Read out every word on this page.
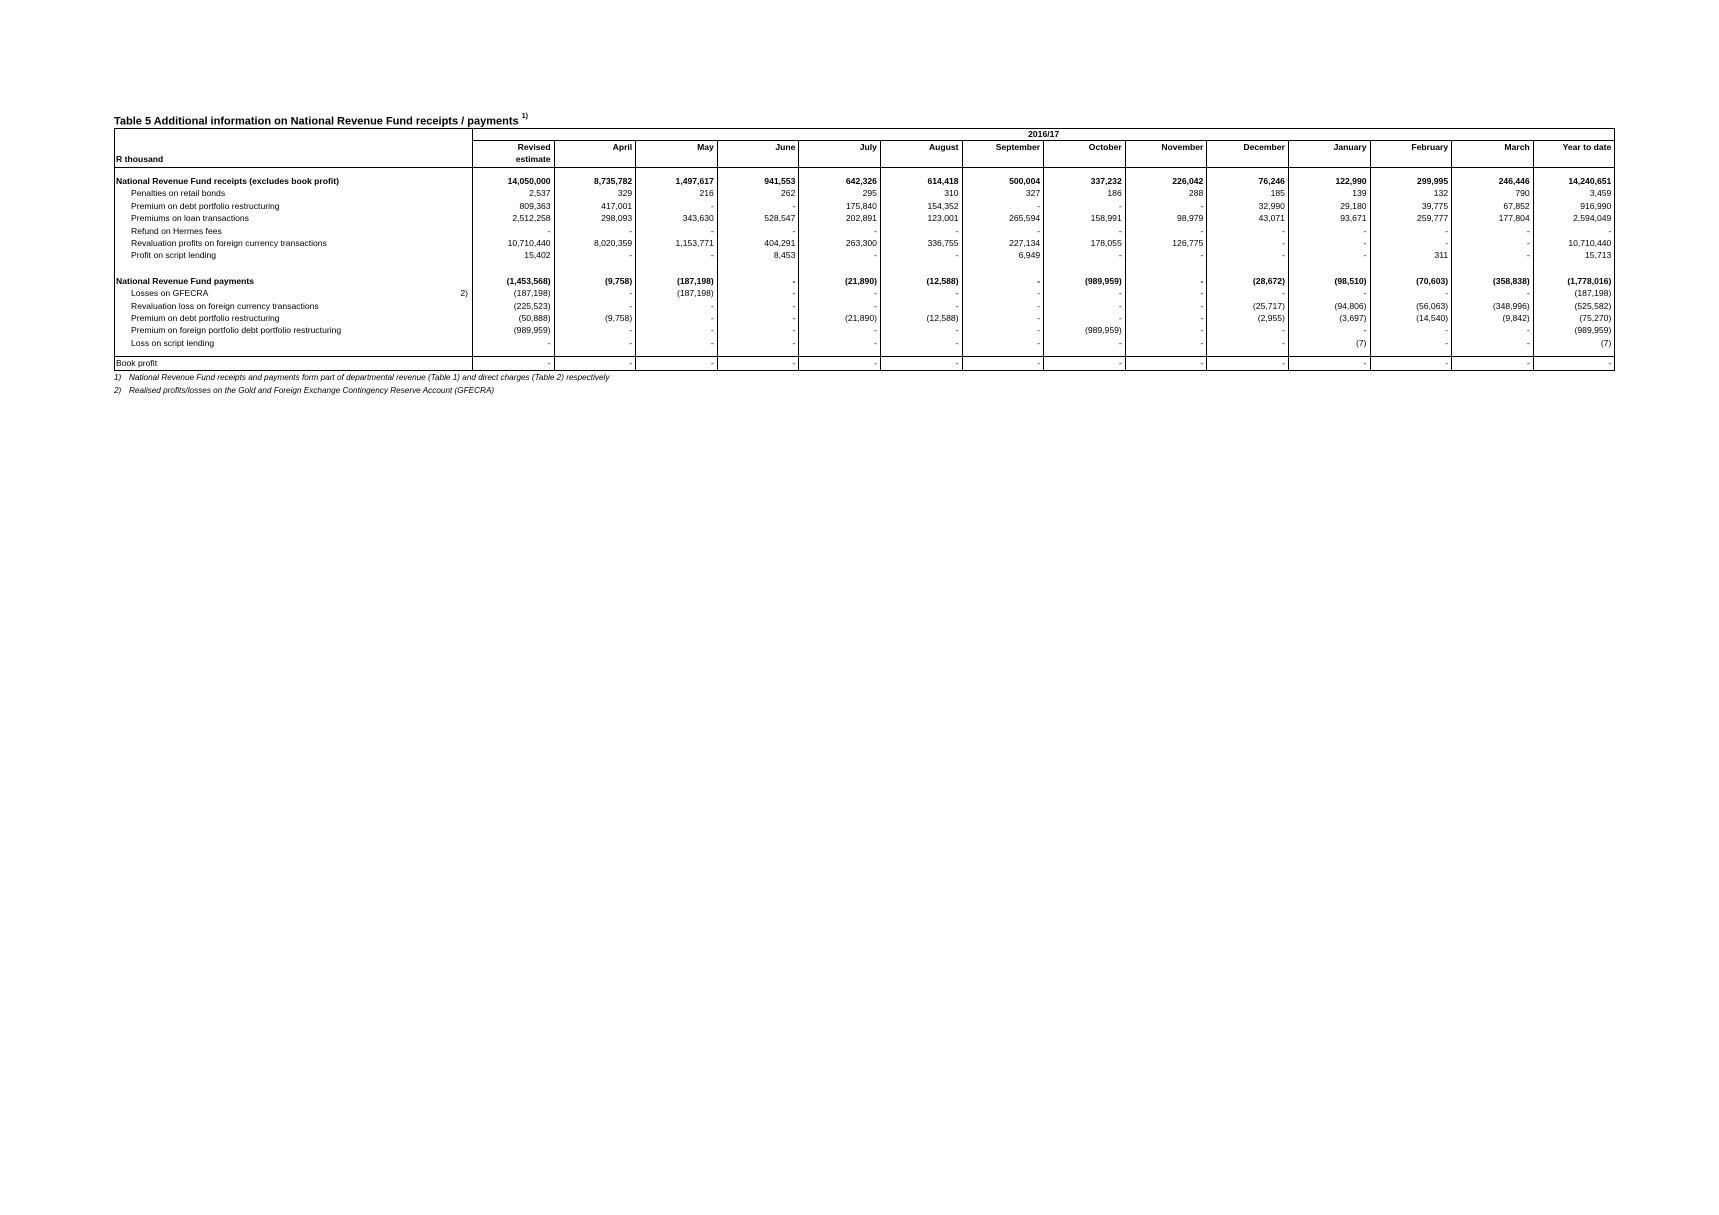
Table 5 Additional information on National Revenue Fund receipts / payments $^{1)}$
	2016/17													
	Revised	April	May	June	July	August	September	October	November	December	January	February	March	Year to date
R thousand	estimate													

National Revenue Fund receipts (excludes book profit)	14,050,000	8,735,782	1,497,617	941,553	642,326	614,418	500,004	337,232	226,042	76,246	122,990	299,995	246,446	14,240,651
Penalties on retail bonds	2,537	329	216	262	295	310	327	186	288	185	139	132	790	3,459
Premium on debt portfolio restructuring	809,363	417,001	-	-	175,840	154,352	-	-	-	32,990	29,180	39,775	67,852	916,990
Premiums on loan transactions	2,512,258	298,093	343,630	528,547	202,891	123,001	265,594	158,991	98,979	43,071	93,671	259,777	177,804	2,594,049
Refund on Hermes fees	-	-	-	-	-	-	-	-	-	-	-	-	-	-
Revaluation profits on foreign currency transactions	10,710,440	8,020,359	1,153,771	404,291	263,300	336,755	227,134	178,055	126,775	-	-	-	-	10,710,440
Profit on script lending	15,402	-	-	8,453	-	-	6,949	-	-	-	-	311	-	15,713

National Revenue Fund payments	(1,453,568)	(9,758)	(187,198)	-	(21,890)	(12,588)	-	(989,959)	-	(28,672)	(98,510)	(70,603)	(358,838)	(1,778,016)
Losses on GFECRA 2)	(187,198)	-	(187,198)	-	-	-	-	-	-	-	-	-	-	(187,198)
Revaluation loss on foreign currency transactions	(225,523)	-	-	-	-	-	-	-	-	(25,717)	(94,806)	(56,063)	(348,996)	(525,582)
Premium on debt portfolio restructuring	(50,888)	(9,758)	-	-	(21,890)	(12,588)	-	-	-	(2,955)	(3,697)	(14,540)	(9,842)	(75,270)
Premium on foreign portfolio debt portfolio restructuring	(989,959)	-	-	-	-	-	-	(989,959)	-	-	-	-	-	(989,959)
Loss on script lending	-	-	-	-	-	-	-	-	-	-	(7)	-	-	(7)

Book profit	-	-	-	-	-	-	-	-	-	-	-	-	-	-
1) National Revenue Fund receipts and payments form part of departmental revenue (Table 1) and direct charges (Table 2) respectively
2) Realised profits/losses on the Gold and Foreign Exchange Contingency Reserve Account (GFECRA)
